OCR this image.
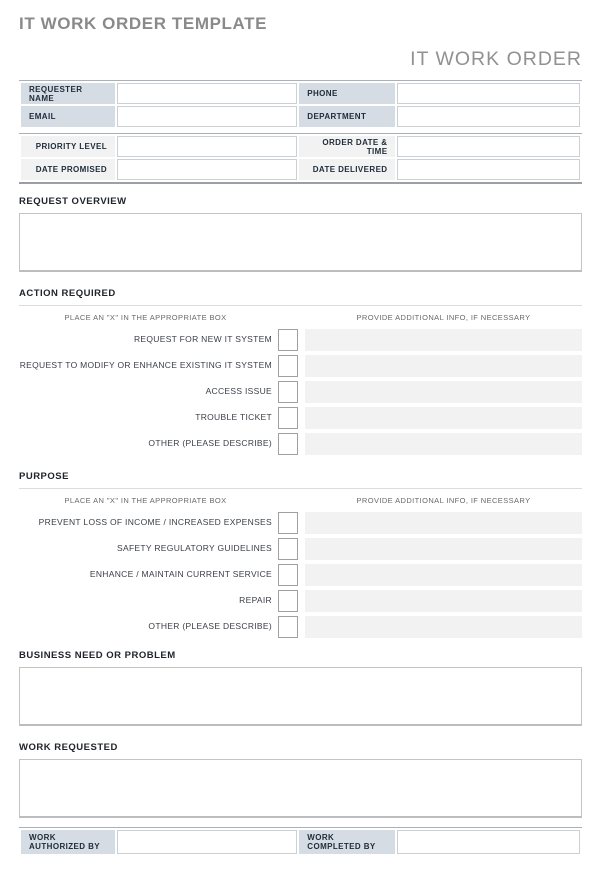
IT WORK ORDER TEMPLATE
IT WORK ORDER
REQUESTER NAME		PHONE	
EMAIL		DEPARTMENT	
PRIORITY LEVEL		ORDER DATE & TIME	
DATE PROMISED		DATE DELIVERED	
REQUEST OVERVIEW
ACTION REQUIRED
PLACE AN "X" IN THE APPROPRIATE BOX	PROVIDE ADDITIONAL INFO, IF NECESSARY
REQUEST FOR NEW IT SYSTEM
REQUEST TO MODIFY OR ENHANCE EXISTING IT SYSTEM
ACCESS ISSUE
TROUBLE TICKET
OTHER (PLEASE DESCRIBE)
PURPOSE
PLACE AN "X" IN THE APPROPRIATE BOX	PROVIDE ADDITIONAL INFO, IF NECESSARY
PREVENT LOSS OF INCOME / INCREASED EXPENSES
SAFETY REGULATORY GUIDELINES
ENHANCE / MAINTAIN CURRENT SERVICE
REPAIR
OTHER (PLEASE DESCRIBE)
BUSINESS NEED OR PROBLEM
WORK REQUESTED
WORK AUTHORIZED BY		WORK COMPLETED BY	
